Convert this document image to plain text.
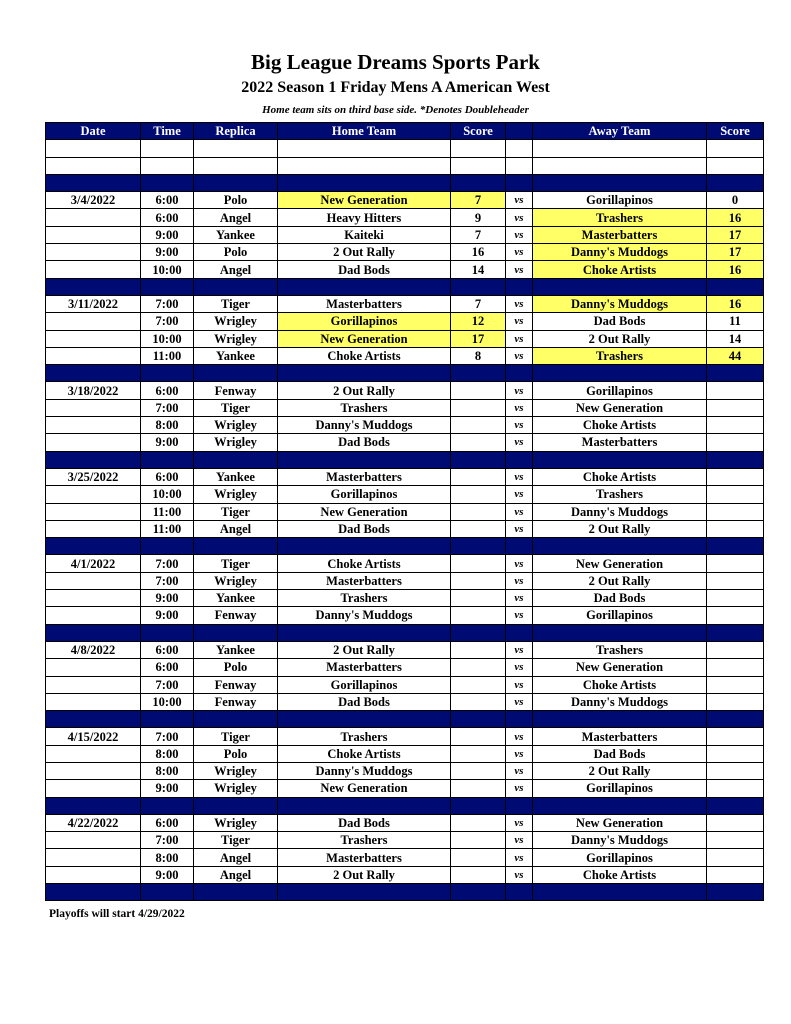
Big League Dreams Sports Park
2022 Season 1 Friday Mens A American West
Home team sits on third base side. *Denotes Doubleheader
Date	Time	Replica	Home Team	Score		Away Team	Score

3/4/2022	6:00	Polo	New Generation	7	vs	Gorillapinos	0
	6:00	Angel	Heavy Hitters	9	vs	Trashers	16
	9:00	Yankee	Kaiteki	7	vs	Masterbatters	17
	9:00	Polo	2 Out Rally	16	vs	Danny's Muddogs	17
	10:00	Angel	Dad Bods	14	vs	Choke Artists	16

3/11/2022	7:00	Tiger	Masterbatters	7	vs	Danny's Muddogs	16
	7:00	Wrigley	Gorillapinos	12	vs	Dad Bods	11
	10:00	Wrigley	New Generation	17	vs	2 Out Rally	14
	11:00	Yankee	Choke Artists	8	vs	Trashers	44

3/18/2022	6:00	Fenway	2 Out Rally		vs	Gorillapinos	
	7:00	Tiger	Trashers		vs	New Generation	
	8:00	Wrigley	Danny's Muddogs		vs	Choke Artists	
	9:00	Wrigley	Dad Bods		vs	Masterbatters	

3/25/2022	6:00	Yankee	Masterbatters		vs	Choke Artists	
	10:00	Wrigley	Gorillapinos		vs	Trashers	
	11:00	Tiger	New Generation		vs	Danny's Muddogs	
	11:00	Angel	Dad Bods		vs	2 Out Rally	

4/1/2022	7:00	Tiger	Choke Artists		vs	New Generation	
	7:00	Wrigley	Masterbatters		vs	2 Out Rally	
	9:00	Yankee	Trashers		vs	Dad Bods	
	9:00	Fenway	Danny's Muddogs		vs	Gorillapinos	

4/8/2022	6:00	Yankee	2 Out Rally		vs	Trashers	
	6:00	Polo	Masterbatters		vs	New Generation	
	7:00	Fenway	Gorillapinos		vs	Choke Artists	
	10:00	Fenway	Dad Bods		vs	Danny's Muddogs	

4/15/2022	7:00	Tiger	Trashers		vs	Masterbatters	
	8:00	Polo	Choke Artists		vs	Dad Bods	
	8:00	Wrigley	Danny's Muddogs		vs	2 Out Rally	
	9:00	Wrigley	New Generation		vs	Gorillapinos	

4/22/2022	6:00	Wrigley	Dad Bods		vs	New Generation	
	7:00	Tiger	Trashers		vs	Danny's Muddogs	
	8:00	Angel	Masterbatters		vs	Gorillapinos	
	9:00	Angel	2 Out Rally		vs	Choke Artists	

Playoffs will start 4/29/2022
